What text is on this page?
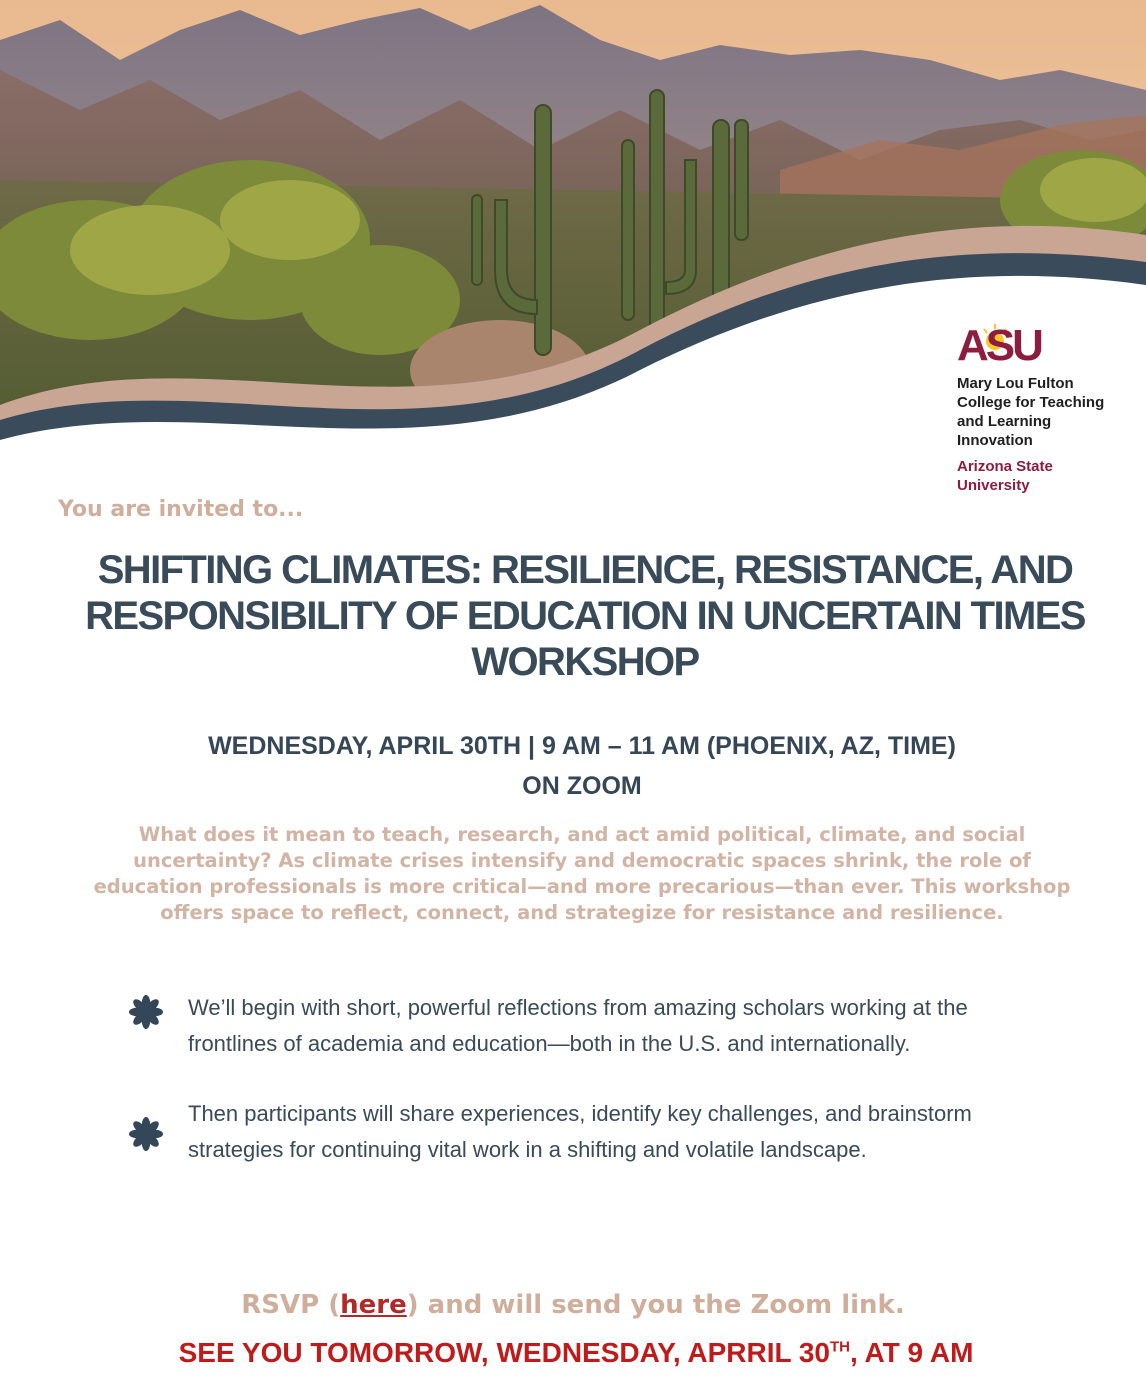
ASU
Mary Lou Fulton
College for Teaching
and Learning
Innovation
Arizona State
University
You are invited to...
SHIFTING CLIMATES: RESILIENCE, RESISTANCE, AND
RESPONSIBILITY OF EDUCATION IN UNCERTAIN TIMES
WORKSHOP
WEDNESDAY, APRIL 30TH | 9 AM – 11 AM (PHOENIX, AZ, TIME)
ON ZOOM
What does it mean to teach, research, and act amid political, climate, and social
uncertainty? As climate crises intensify and democratic spaces shrink, the role of
education professionals is more critical—and more precarious—than ever. This workshop
offers space to reflect, connect, and strategize for resistance and resilience.
We’ll begin with short, powerful reflections from amazing scholars working at the
frontlines of academia and education—both in the U.S. and internationally.
Then participants will share experiences, identify key challenges, and brainstorm
strategies for continuing vital work in a shifting and volatile landscape.
RSVP (here) and will send you the Zoom link.
SEE YOU TOMORROW, WEDNESDAY, APRRIL 30TH, AT 9 AM
